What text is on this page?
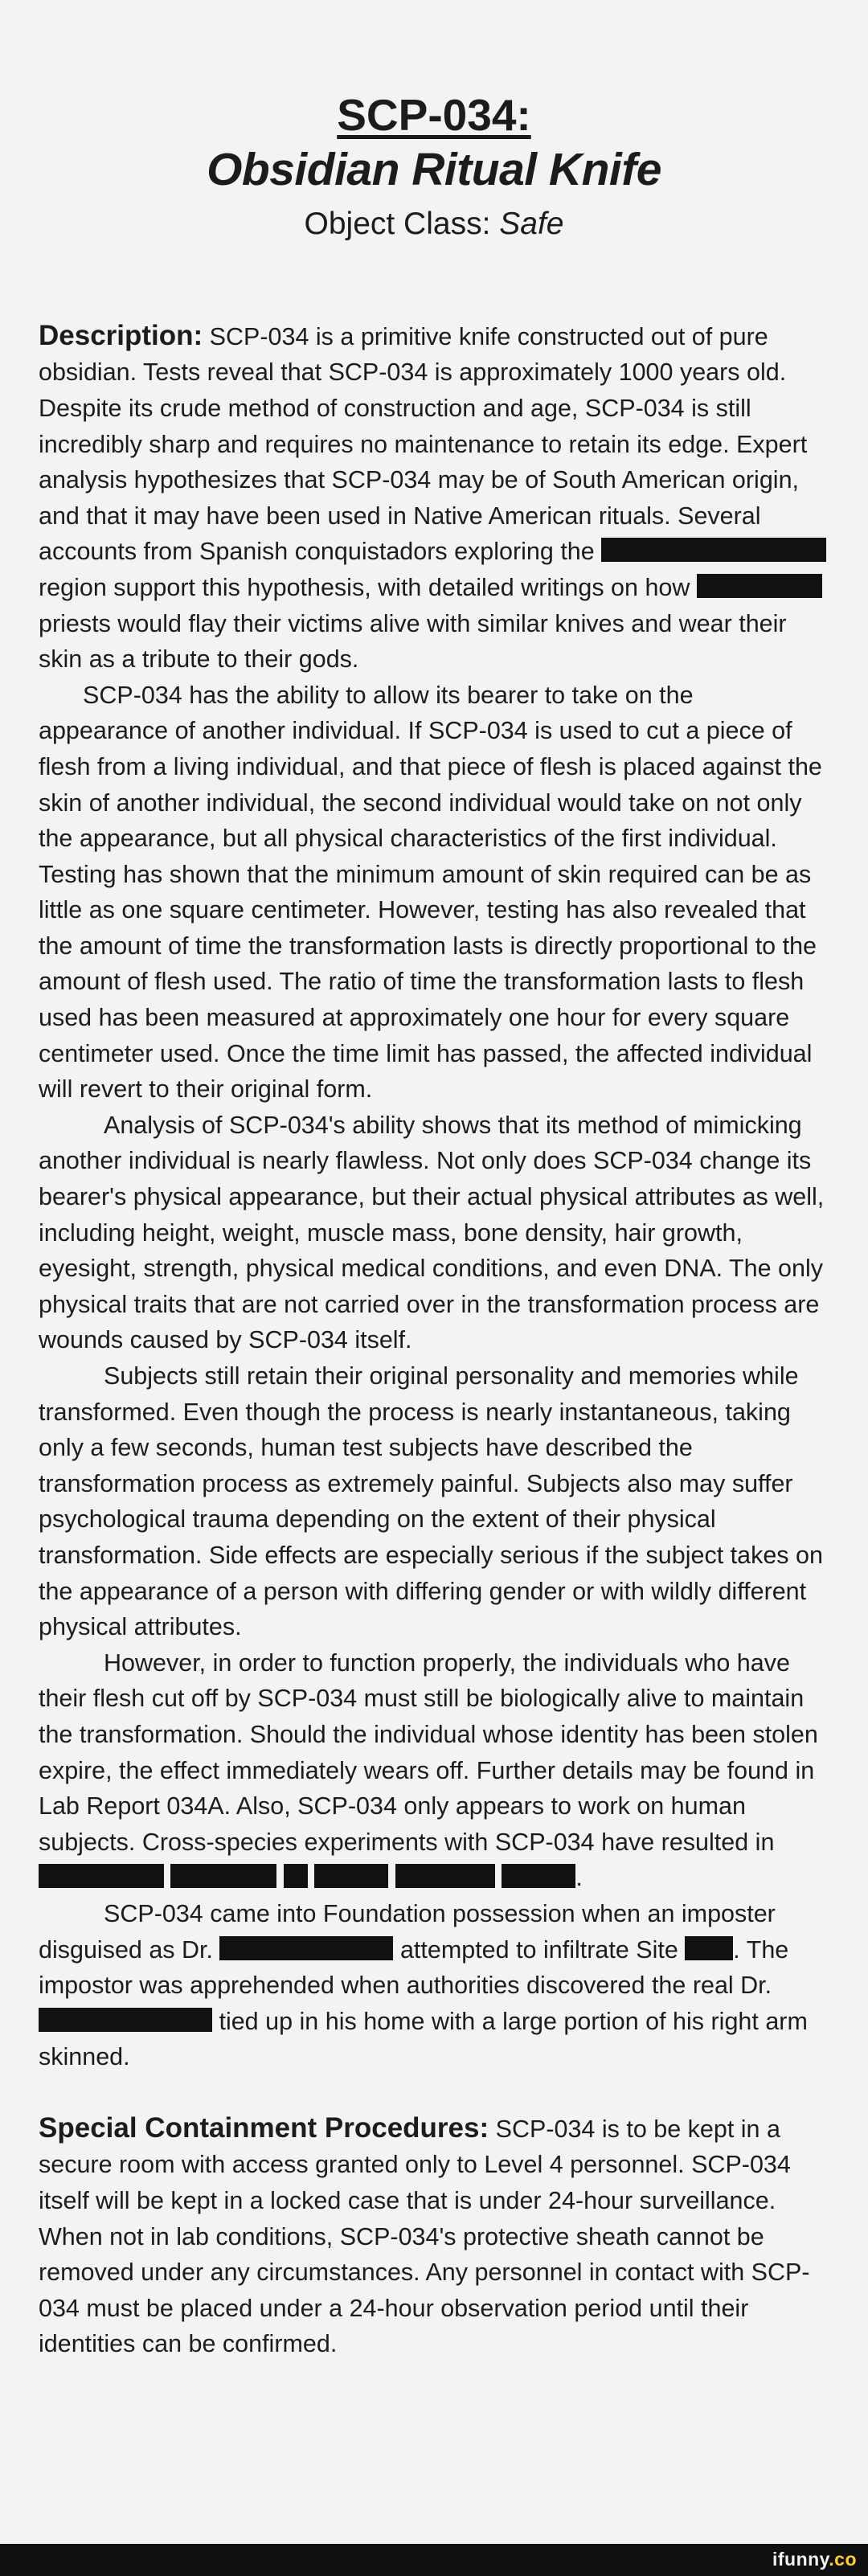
SCP-034:
Obsidian Ritual Knife
Object Class: Safe

Description: SCP-034 is a primitive knife constructed out of pure obsidian. Tests reveal that SCP-034 is approximately 1000 years old. Despite its crude method of construction and age, SCP-034 is still incredibly sharp and requires no maintenance to retain its edge. Expert analysis hypothesizes that SCP-034 may be of South American origin, and that it may have been used in Native American rituals. Several accounts from Spanish conquistadors exploring the  region support this hypothesis, with detailed writings on how  priests would flay their victims alive with similar knives and wear their skin as a tribute to their gods.

SCP-034 has the ability to allow its bearer to take on the appearance of another individual. If SCP-034 is used to cut a piece of flesh from a living individual, and that piece of flesh is placed against the skin of another individual, the second individual would take on not only the appearance, but all physical characteristics of the first individual. Testing has shown that the minimum amount of skin required can be as little as one square centimeter. However, testing has also revealed that the amount of time the transformation lasts is directly proportional to the amount of flesh used. The ratio of time the transformation lasts to flesh used has been measured at approximately one hour for every square centimeter used. Once the time limit has passed, the affected individual will revert to their original form.

Analysis of SCP-034's ability shows that its method of mimicking another individual is nearly flawless. Not only does SCP-034 change its bearer's physical appearance, but their actual physical attributes as well, including height, weight, muscle mass, bone density, hair growth, eyesight, strength, physical medical conditions, and even DNA. The only physical traits that are not carried over in the transformation process are wounds caused by SCP-034 itself.

Subjects still retain their original personality and memories while transformed. Even though the process is nearly instantaneous, taking only a few seconds, human test subjects have described the transformation process as extremely painful. Subjects also may suffer psychological trauma depending on the extent of their physical transformation. Side effects are especially serious if the subject takes on the appearance of a person with differing gender or with wildly different physical attributes.

However, in order to function properly, the individuals who have their flesh cut off by SCP-034 must still be biologically alive to maintain the transformation. Should the individual whose identity has been stolen expire, the effect immediately wears off. Further details may be found in Lab Report 034A. Also, SCP-034 only appears to work on human subjects. Cross-species experiments with SCP-034 have resulted in      .

SCP-034 came into Foundation possession when an imposter disguised as Dr.	attempted to infiltrate Site . The impostor was apprehended when authorities discovered the real Dr.  tied up in his home with a large portion of his right arm skinned.

Special Containment Procedures: SCP-034 is to be kept in a secure room with access granted only to Level 4 personnel. SCP-034 itself will be kept in a locked case that is under 24-hour surveillance. When not in lab conditions, SCP-034's protective sheath cannot be removed under any circumstances. Any personnel in contact with SCP-034 must be placed under a 24-hour observation period until their identities can be confirmed.

ifunny.co
